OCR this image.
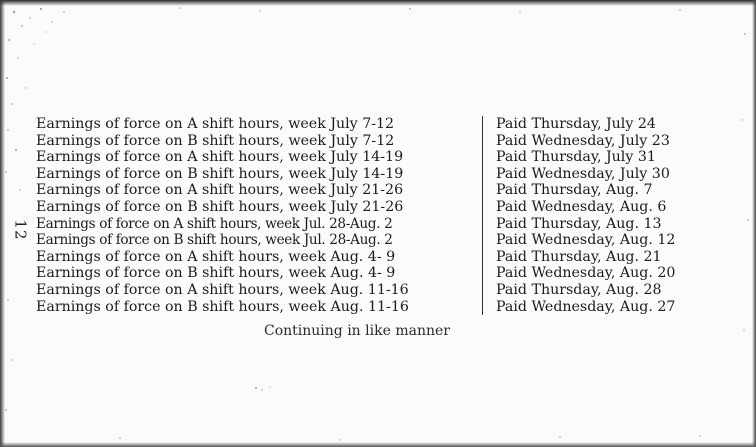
12
Earnings of force on A shift hours, week July 7-12	Paid Thursday, July 24
Earnings of force on B shift hours, week July 7-12	Paid Wednesday, July 23
Earnings of force on A shift hours, week July 14-19	Paid Thursday, July 31
Earnings of force on B shift hours, week July 14-19	Paid Wednesday, July 30
Earnings of force on A shift hours, week July 21-26	Paid Thursday, Aug. 7
Earnings of force on B shift hours, week July 21-26	Paid Wednesday, Aug. 6
Earnings of force on A shift hours, week Jul. 28-Aug. 2	Paid Thursday, Aug. 13
Earnings of force on B shift hours, week Jul. 28-Aug. 2	Paid Wednesday, Aug. 12
Earnings of force on A shift hours, week Aug. 4- 9	Paid Thursday, Aug. 21
Earnings of force on B shift hours, week Aug. 4- 9	Paid Wednesday, Aug. 20
Earnings of force on A shift hours, week Aug. 11-16	Paid Thursday, Aug. 28
Earnings of force on B shift hours, week Aug. 11-16	Paid Wednesday, Aug. 27
Continuing in like manner
